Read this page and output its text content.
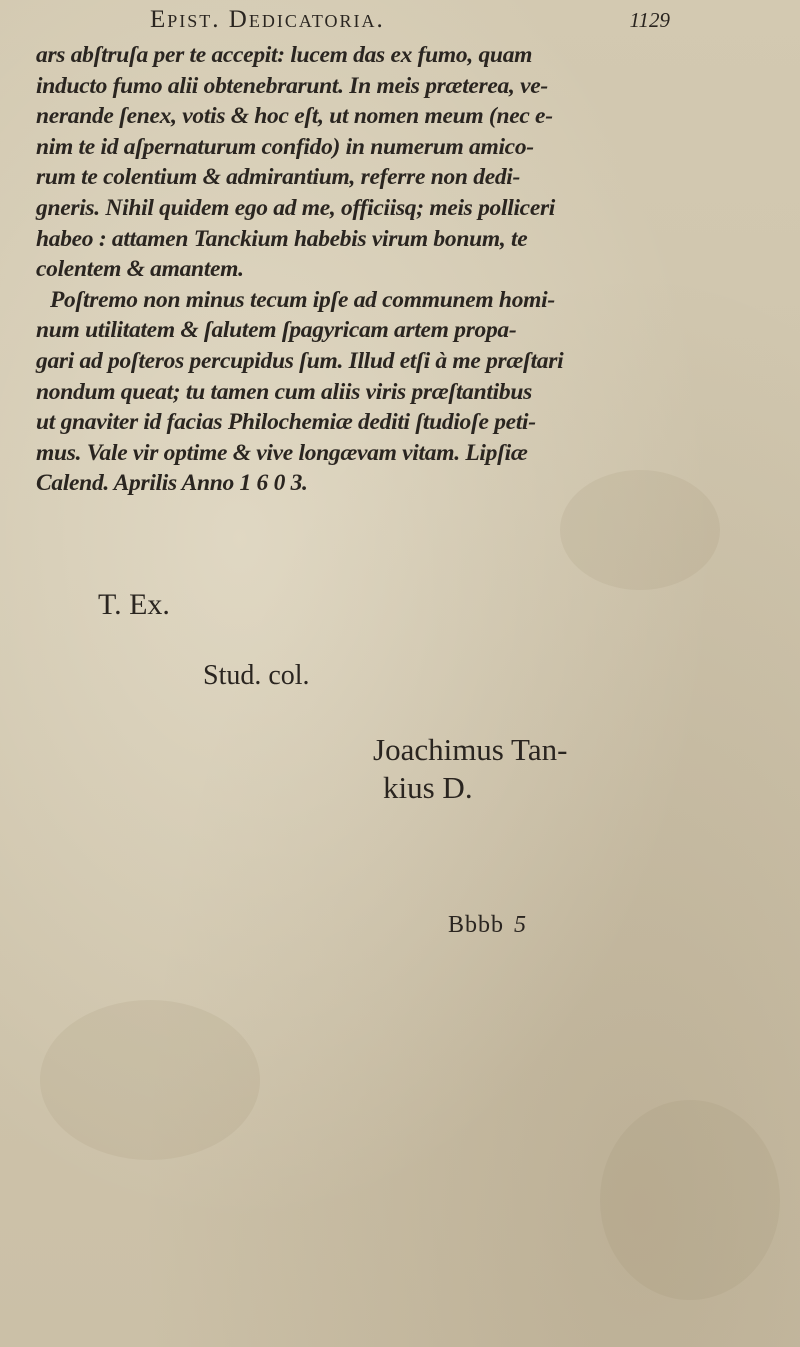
Epist. Dedicatoria.	1129
ars abſtruſa per te accepit: lucem das ex fumo, quam
inducto fumo alii obtenebrarunt. In meis præterea, ve-
nerande ſenex, votis & hoc eſt, ut nomen meum (nec e-
nim te id aſpernaturum confido) in numerum amico-
rum te colentium & admirantium, referre non dedi-
gneris. Nihil quidem ego ad me, officiisq; meis polliceri
habeo : attamen Tanckium habebis virum bonum, te
colentem & amantem.
Poſtremo non minus tecum ipſe ad communem homi-
num utilitatem & ſalutem ſpagyricam artem propa-
gari ad poſteros percupidus ſum. Illud etſi à me præſtari
nondum queat; tu tamen cum aliis viris præſtantibus
ut gnaviter id facias Philochemiæ dediti ſtudioſe peti-
mus. Vale vir optime & vive longævam vitam. Lipſiæ
Calend. Aprilis Anno 1 6 0 3.
T. Ex.
Stud. col.
Joachimus Tan-
kius D.
Bbbb 5
